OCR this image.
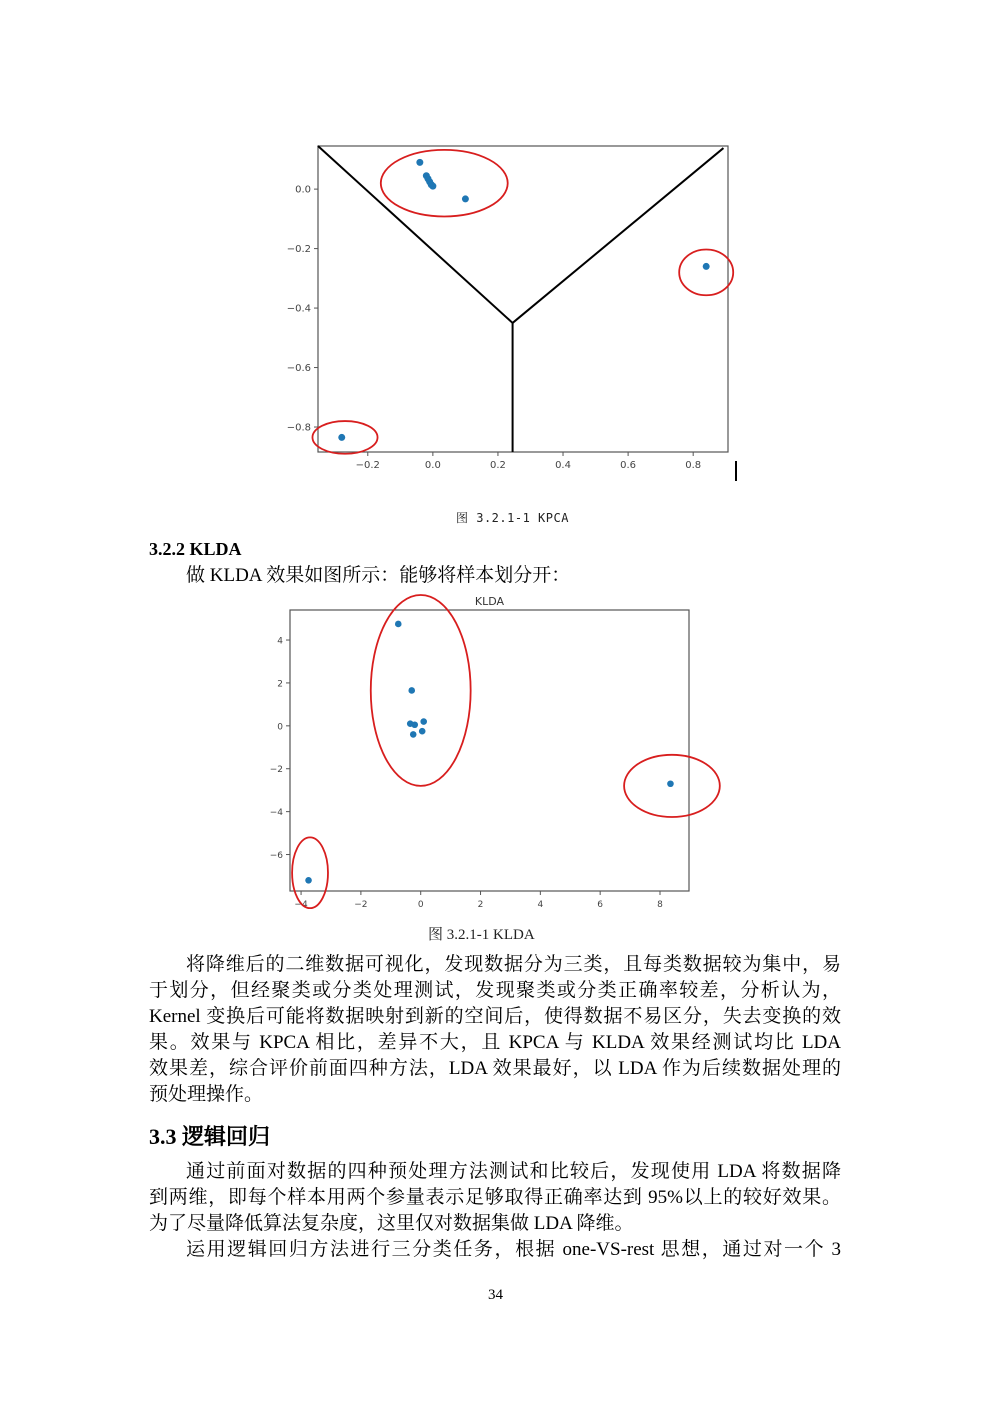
−0.2	0.0	0.2	0.4	0.6	0.8
0.0
−0.2
−0.4
−0.6
−0.8
图 3.2.1-1 KPCA
3.2.2 KLDA
做 KLDA 效果如图所示：能够将样本划分开：
−4	−2	0	2	4	6	8
4
2
0
−2
−4
−6
KLDA
图 3.2.1-1 KLDA
将降维后的二维数据可视化，发现数据分为三类，且每类数据较为集中，易
于划分，但经聚类或分类处理测试，发现聚类或分类正确率较差，分析认为，
Kernel 变换后可能将数据映射到新的空间后，使得数据不易区分，失去变换的效
果。效果与 KPCA 相比，差异不大，且 KPCA 与 KLDA 效果经测试均比 LDA
效果差，综合评价前面四种方法，LDA 效果最好，以 LDA 作为后续数据处理的
预处理操作。
3.3 逻辑回归
通过前面对数据的四种预处理方法测试和比较后，发现使用 LDA 将数据降
到两维，即每个样本用两个参量表示足够取得正确率达到 95%以上的较好效果。
为了尽量降低算法复杂度，这里仅对数据集做 LDA 降维。
运用逻辑回归方法进行三分类任务，根据 one-VS-rest 思想，通过对一个 3
34
